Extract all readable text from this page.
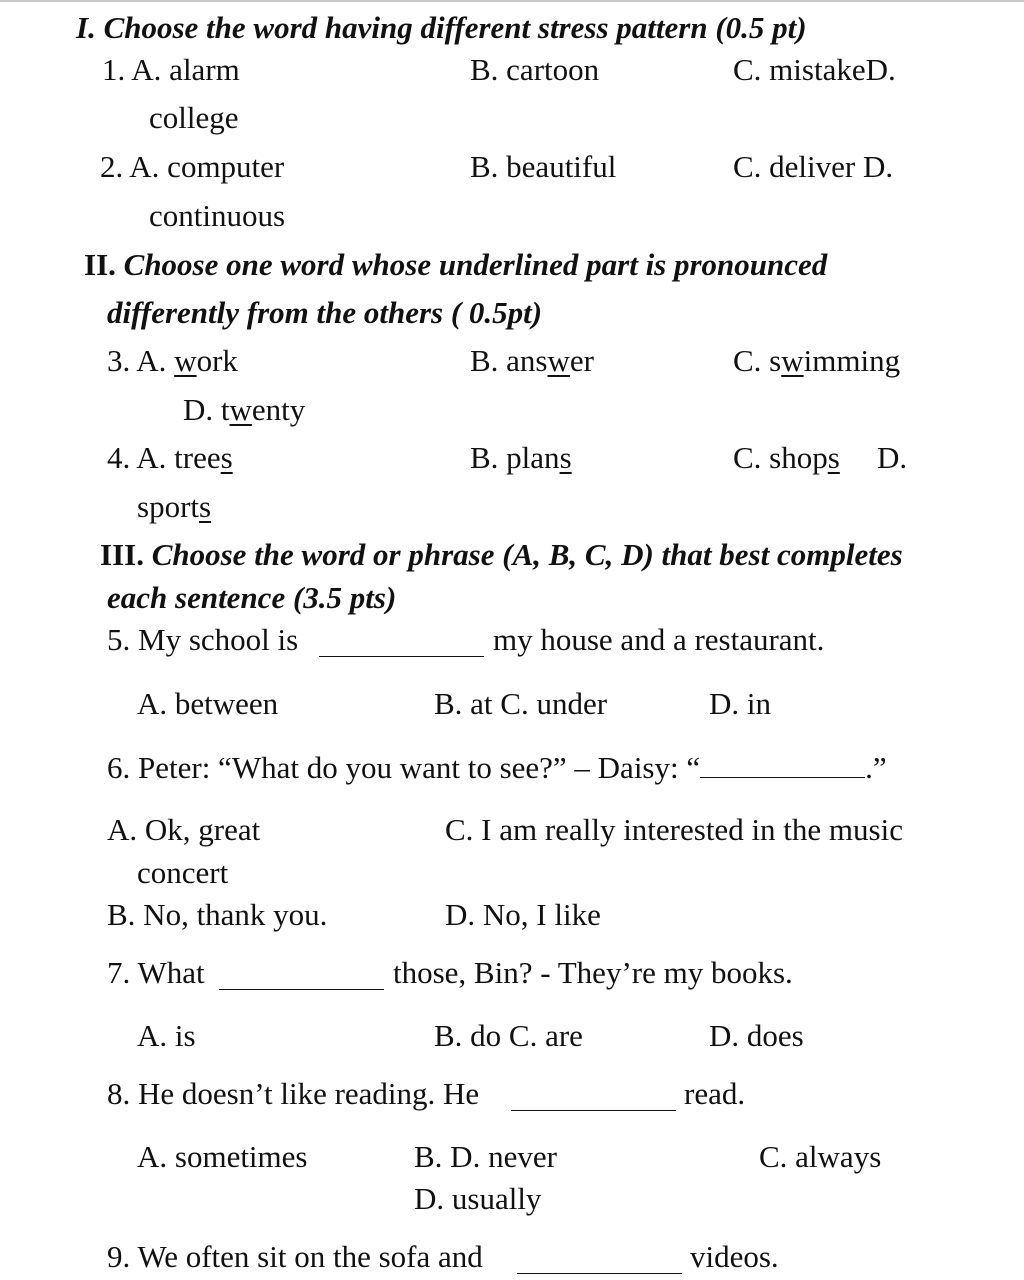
I. Choose the word having different stress pattern (0.5 pt)
1. A. alarm	B. cartoon	C. mistakeD.
college
2. A. computer	B. beautiful	C. deliver D.
continuous
II. Choose one word whose underlined part is pronounced
differently from the others ( 0.5pt)
3. A. work	B. answer	C. swimming
D. twenty
4. A. trees	B. plans	C. shops D.
sports
III. Choose the word or phrase (A, B, C, D) that best completes
each sentence (3.5 pts)
5. My school is	my house and a restaurant.
A. between	B. at C. under	D. in
6. Peter: “What do you want to see?” – Daisy: “	.”
A. Ok, great	C. I am really interested in the music
concert
B. No, thank you.	D. No, I like
7. What	those, Bin? - They’re my books.
A. is	B. do C. are	D. does
8. He doesn’t like reading. He	read.
A. sometimes	B. D. never	C. always
D. usually
9. We often sit on the sofa and	videos.
